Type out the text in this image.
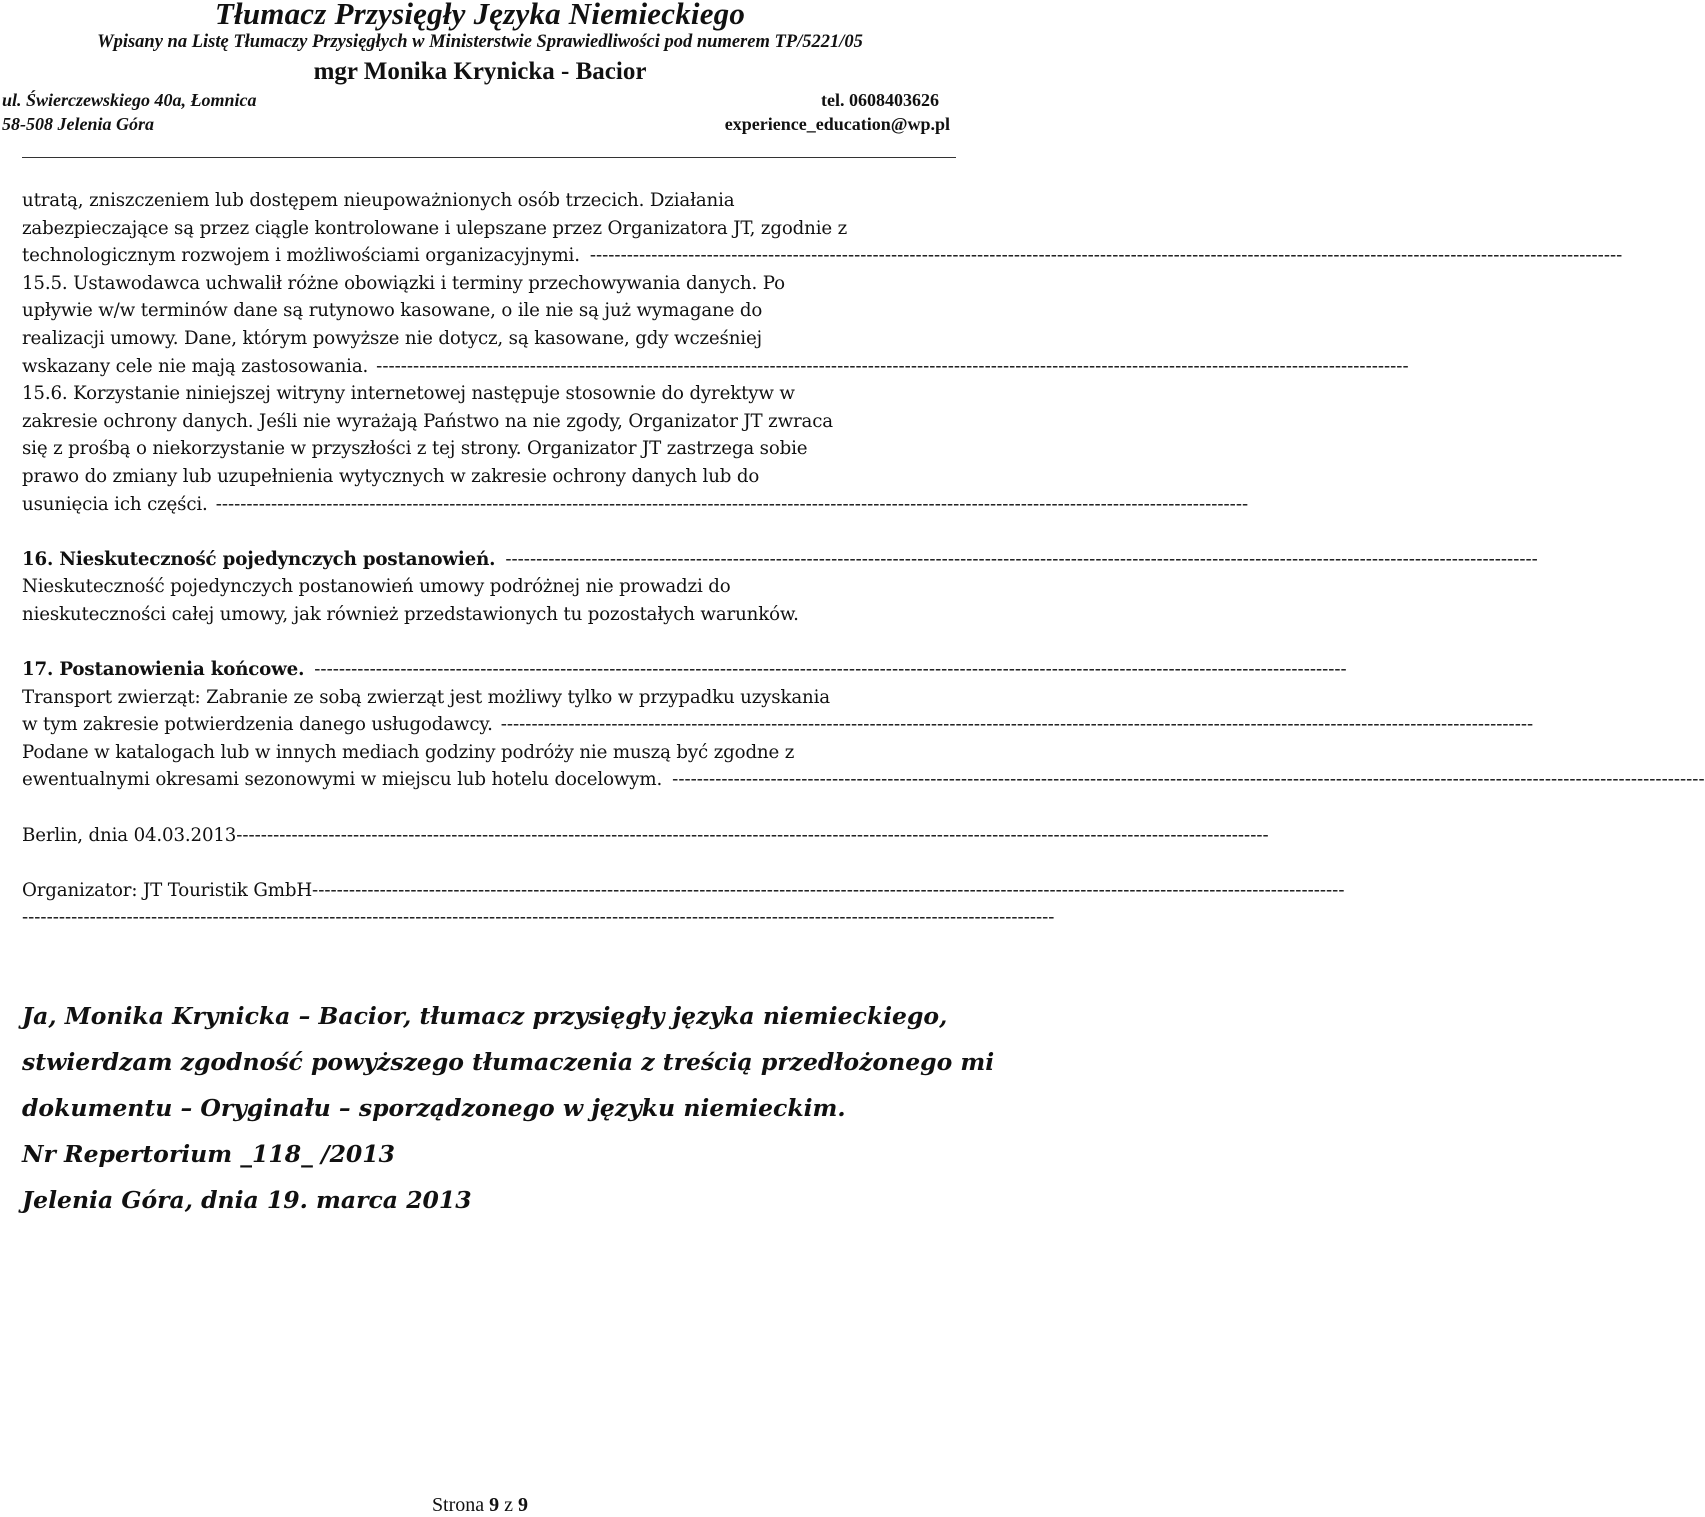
Tłumacz Przysięgły Języka Niemieckiego
Wpisany na Listę Tłumaczy Przysięgłych w Ministerstwie Sprawiedliwości pod numerem TP/5221/05
mgr Monika Krynicka - Bacior
ul. Świerczewskiego 40a, Łomnica
58-508 Jelenia Góra
tel. 0608403626
experience_education@wp.pl
utratą, zniszczeniem lub dostępem nieupoważnionych osób trzecich. Działania
zabezpieczające są przez ciągle kontrolowane i ulepszane przez Organizatora JT, zgodnie z
technologicznym rozwojem i możliwościami organizacyjnymi. ------------------------------------------------------------------------------------------------------------------------------------------------------------------------
15.5. Ustawodawca uchwalił różne obowiązki i terminy przechowywania danych. Po
upływie w/w terminów dane są rutynowo kasowane, o ile nie są już wymagane do
realizacji umowy. Dane, którym powyższe nie dotycz, są kasowane, gdy wcześniej
wskazany cele nie mają zastosowania. ------------------------------------------------------------------------------------------------------------------------------------------------------------------------
15.6. Korzystanie niniejszej witryny internetowej następuje stosownie do dyrektyw w
zakresie ochrony danych. Jeśli nie wyrażają Państwo na nie zgody, Organizator JT zwraca
się z prośbą o niekorzystanie w przyszłości z tej strony. Organizator JT zastrzega sobie
prawo do zmiany lub uzupełnienia wytycznych w zakresie ochrony danych lub do
usunięcia ich części. ------------------------------------------------------------------------------------------------------------------------------------------------------------------------
16. Nieskuteczność pojedynczych postanowień. ------------------------------------------------------------------------------------------------------------------------------------------------------------------------
Nieskuteczność pojedynczych postanowień umowy podróżnej nie prowadzi do
nieskuteczności całej umowy, jak również przedstawionych tu pozostałych warunków.
17. Postanowienia końcowe. ------------------------------------------------------------------------------------------------------------------------------------------------------------------------
Transport zwierząt: Zabranie ze sobą zwierząt jest możliwy tylko w przypadku uzyskania
w tym zakresie potwierdzenia danego usługodawcy. ------------------------------------------------------------------------------------------------------------------------------------------------------------------------
Podane w katalogach lub w innych mediach godziny podróży nie muszą być zgodne z
ewentualnymi okresami sezonowymi w miejscu lub hotelu docelowym. ------------------------------------------------------------------------------------------------------------------------------------------------------------------------
Berlin, dnia 04.03.2013 ------------------------------------------------------------------------------------------------------------------------------------------------------------------------
Organizator: JT Touristik GmbH ------------------------------------------------------------------------------------------------------------------------------------------------------------------------
------------------------------------------------------------------------------------------------------------------------------------------------------------------------
Ja, Monika Krynicka – Bacior, tłumacz przysięgły języka niemieckiego,
stwierdzam zgodność powyższego tłumaczenia z treścią przedłożonego mi
dokumentu – Oryginału – sporządzonego w języku niemieckim.
Nr Repertorium _118_ /2013
Jelenia Góra, dnia 19. marca 2013
Strona 9 z 9
